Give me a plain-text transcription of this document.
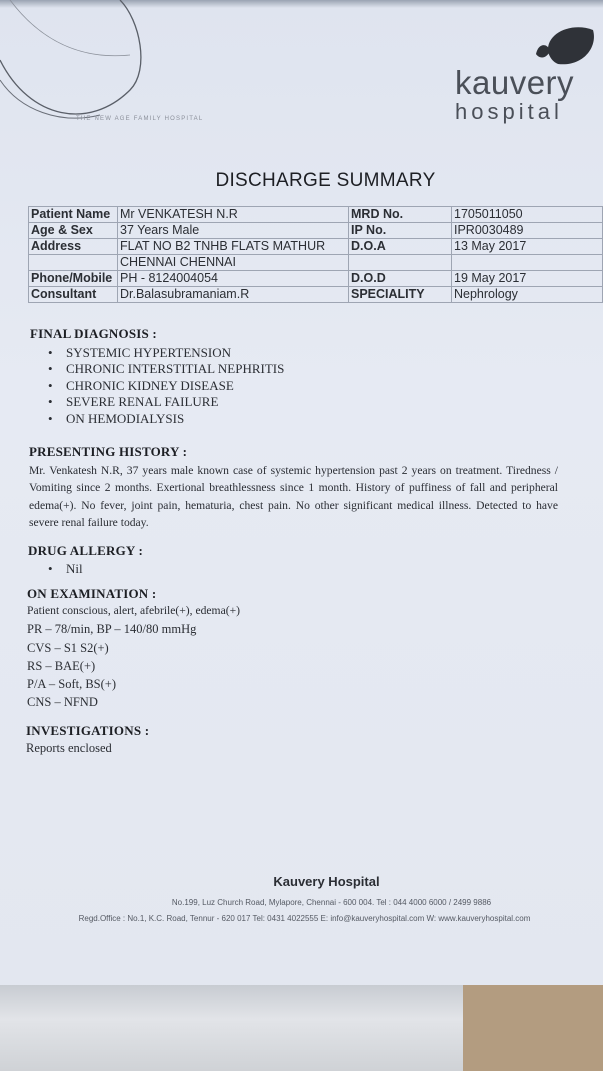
THE NEW AGE FAMILY HOSPITAL
kauvery
hospital
DISCHARGE SUMMARY
Patient Name	Mr VENKATESH N.R	MRD No.	1705011050
Age & Sex	37 Years Male	IP No.	IPR0030489
Address	FLAT NO B2 TNHB FLATS MATHUR	D.O.A	13 May 2017
	CHENNAI CHENNAI		
Phone/Mobile	PH - 8124004054	D.O.D	19 May 2017
Consultant	Dr.Balasubramaniam.R	SPECIALITY	Nephrology
FINAL DIAGNOSIS :
• SYSTEMIC HYPERTENSION
• CHRONIC INTERSTITIAL NEPHRITIS
• CHRONIC KIDNEY DISEASE
• SEVERE RENAL FAILURE
• ON HEMODIALYSIS
PRESENTING HISTORY :
Mr. Venkatesh N.R, 37 years male known case of systemic hypertension past 2 years on treatment. Tiredness / Vomiting since 2 months. Exertional breathlessness since 1 month. History of puffiness of fall and peripheral edema(+). No fever, joint pain, hematuria, chest pain. No other significant medical illness. Detected to have severe renal failure today.
DRUG ALLERGY :
• Nil
ON EXAMINATION :
Patient conscious, alert, afebrile(+), edema(+)
PR – 78/min, BP – 140/80 mmHg
CVS – S1 S2(+)
RS – BAE(+)
P/A – Soft, BS(+)
CNS – NFND
INVESTIGATIONS :
Reports enclosed
Kauvery Hospital
No.199, Luz Church Road, Mylapore, Chennai - 600 004. Tel : 044 4000 6000 / 2499 9886
Regd.Office : No.1, K.C. Road, Tennur - 620 017 Tel: 0431 4022555 E: info@kauveryhospital.com W: www.kauveryhospital.com
